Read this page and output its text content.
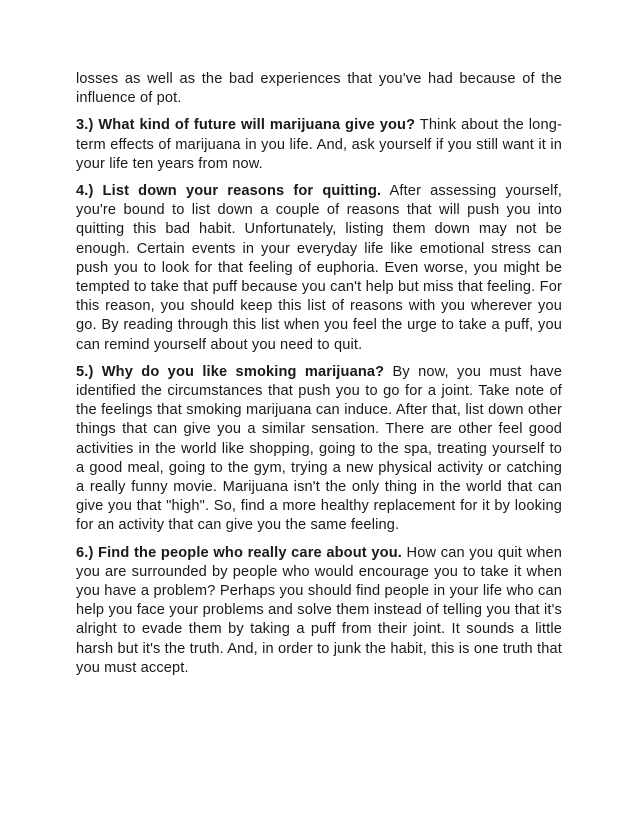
losses as well as the bad experiences that you've had because of the influence of pot.

3.) What kind of future will marijuana give you? Think about the long-term effects of marijuana in you life. And, ask yourself if you still want it in your life ten years from now.

4.) List down your reasons for quitting. After assessing yourself, you're bound to list down a couple of reasons that will push you into quitting this bad habit. Unfortunately, listing them down may not be enough. Certain events in your everyday life like emotional stress can push you to look for that feeling of euphoria. Even worse, you might be tempted to take that puff because you can't help but miss that feeling. For this reason, you should keep this list of reasons with you wherever you go. By reading through this list when you feel the urge to take a puff, you can remind yourself about you need to quit.

5.) Why do you like smoking marijuana? By now, you must have identified the circumstances that push you to go for a joint. Take note of the feelings that smoking marijuana can induce. After that, list down other things that can give you a similar sensation. There are other feel good activities in the world like shopping, going to the spa, treating yourself to a good meal, going to the gym, trying a new physical activity or catching a really funny movie. Marijuana isn't the only thing in the world that can give you that "high". So, find a more healthy replacement for it by looking for an activity that can give you the same feeling.

6.) Find the people who really care about you. How can you quit when you are surrounded by people who would encourage you to take it when you have a problem? Perhaps you should find people in your life who can help you face your problems and solve them instead of telling you that it's alright to evade them by taking a puff from their joint. It sounds a little harsh but it's the truth. And, in order to junk the habit, this is one truth that you must accept.
